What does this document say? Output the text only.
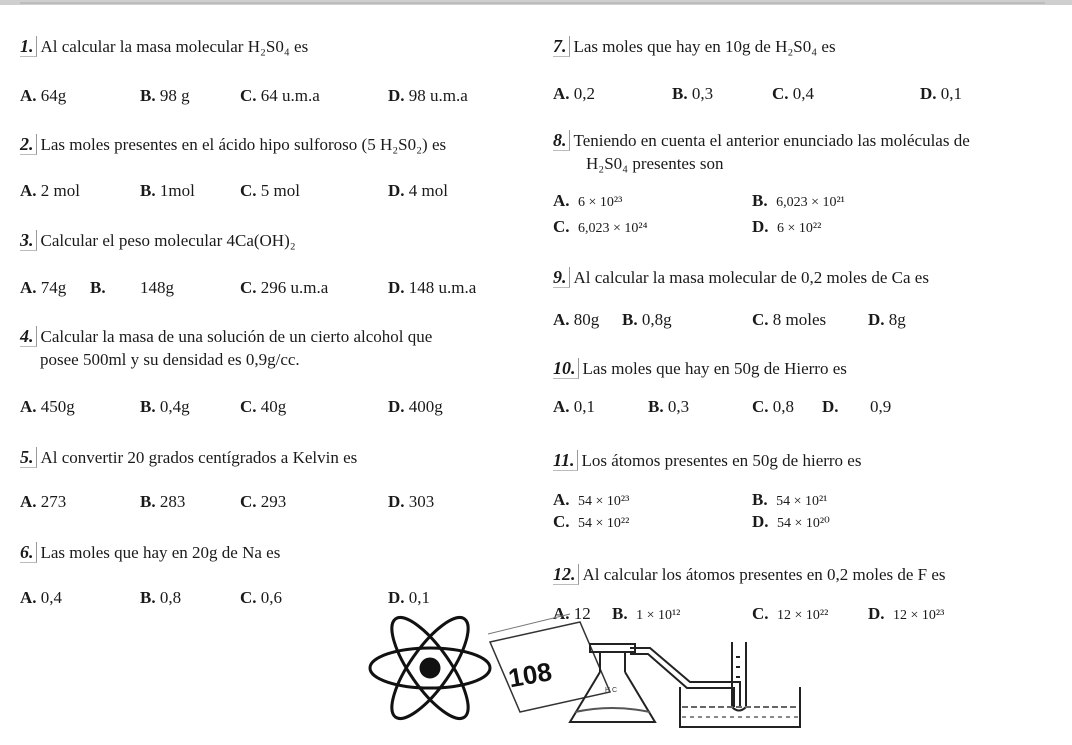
1. Al calcular la masa molecular H₂S0₄ es
A. 64g	B. 98 g	C. 64 u.m.a	D. 98 u.m.a
2. Las moles presentes en el ácido hipo sulforoso (5 H₂S0₂) es
A. 2 mol	B. 1mol	C. 5 mol	D. 4 mol
3. Calcular el peso molecular 4Ca(OH)₂
A. 74g B. 148g	C. 296 u.m.a	D. 148 u.m.a
4. Calcular la masa de una solución de un cierto alcohol que
posee 500ml y su densidad es 0,9g/cc.
A. 450g	B. 0,4g	C. 40g	D. 400g
5. Al convertir 20 grados centígrados a Kelvin es
A. 273	B. 283	C. 293	D. 303
6. Las moles que hay en 20g de Na es
A. 0,4	B. 0,8	C. 0,6	D. 0,1
7. Las moles que hay en 10g de H₂S0₄ es
A. 0,2	B. 0,3	C. 0,4	D. 0,1
8. Teniendo en cuenta el anterior enunciado las moléculas de
H₂S0₄ presentes son
A. 6 × 10²³	B. 6,023 × 10²¹
C. 6,023 × 10²⁴	D. 6 × 10²²
9. Al calcular la masa molecular de 0,2 moles de Ca es
A. 80g B. 0,8g	C. 8 moles D. 8g
10. Las moles que hay en 50g de Hierro es
A. 0,1	B. 0,3	C. 0,8 D. 0,9
11. Los átomos presentes en 50g de hierro es
A. 54 × 10²³	B. 54 × 10²¹
C. 54 × 10²²	D. 54 × 10²⁰
12. Al calcular los átomos presentes en 0,2 moles de F es
A. 12 B. 1 × 10¹²	C. 12 × 10²² D. 12 × 10²³
108	H C
